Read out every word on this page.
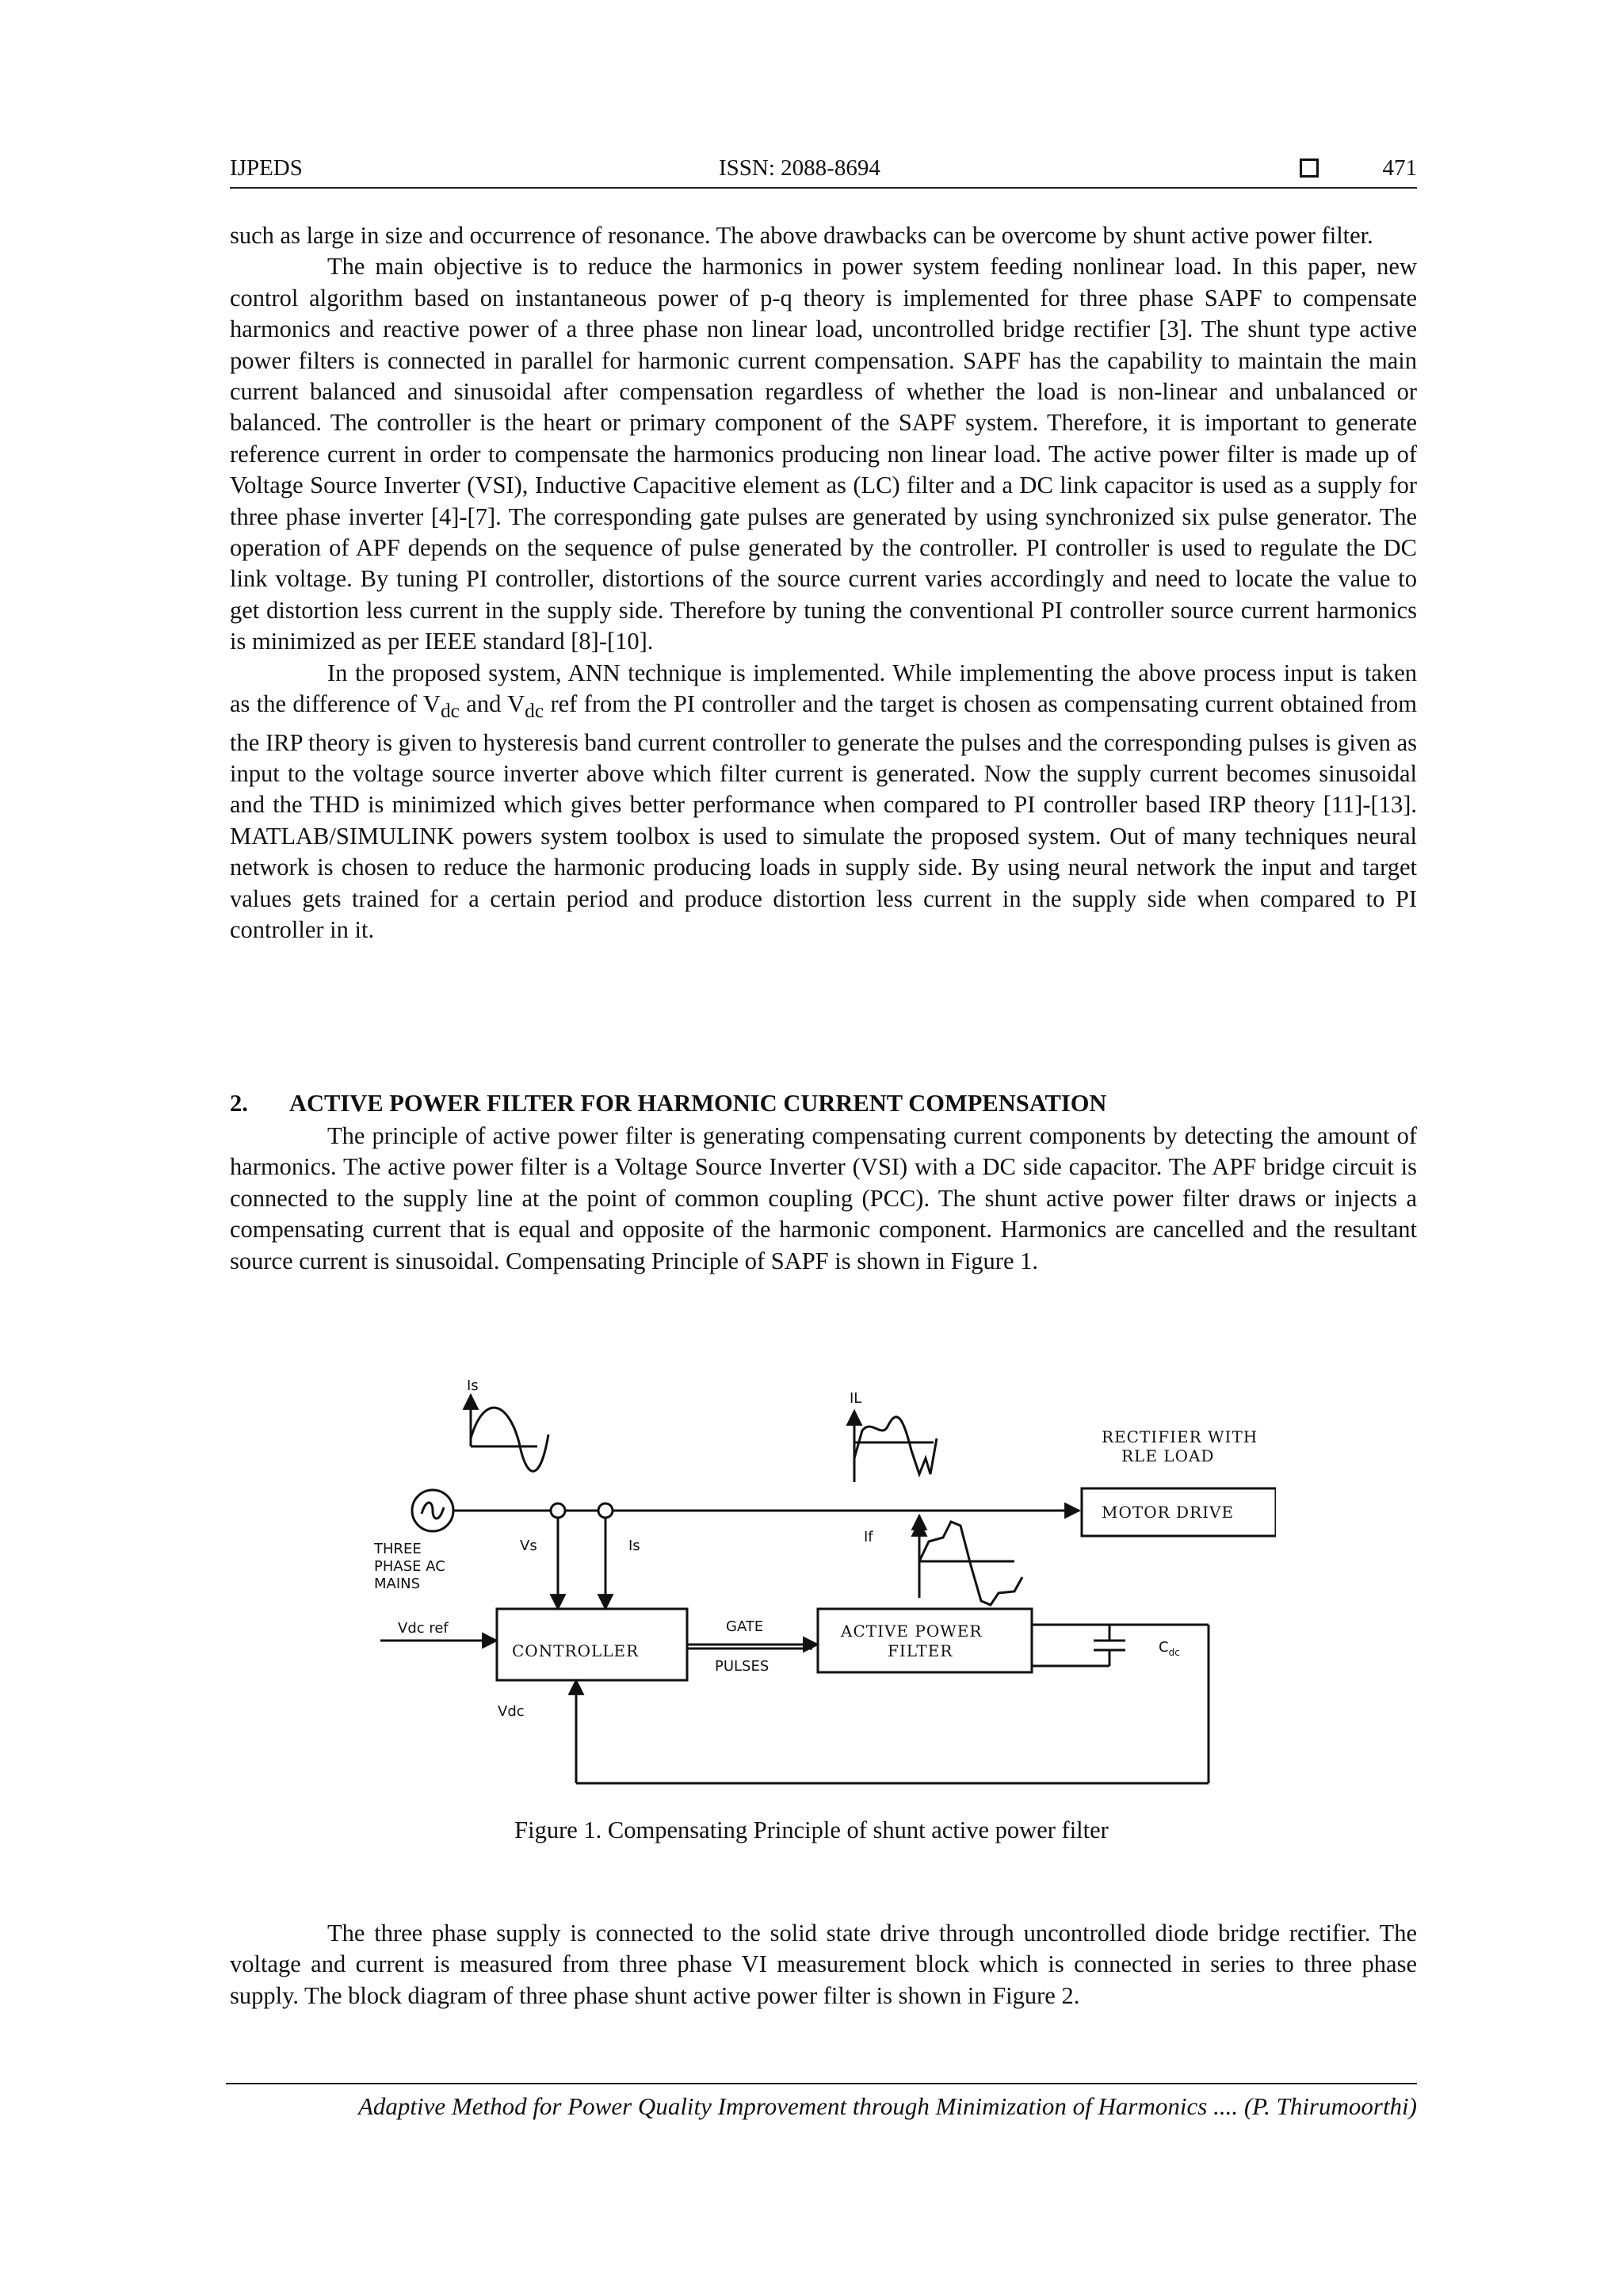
IJPEDS	ISSN: 2088-8694	471

such as large in size and occurrence of resonance. The above drawbacks can be overcome by shunt active power filter.

The main objective is to reduce the harmonics in power system feeding nonlinear load. In this paper, new control algorithm based on instantaneous power of p-q theory is implemented for three phase SAPF to compensate harmonics and reactive power of a three phase non linear load, uncontrolled bridge rectifier [3]. The shunt type active power filters is connected in parallel for harmonic current compensation. SAPF has the capability to maintain the main current balanced and sinusoidal after compensation regardless of whether the load is non-linear and unbalanced or balanced. The controller is the heart or primary component of the SAPF system. Therefore, it is important to generate reference current in order to compensate the harmonics producing non linear load. The active power filter is made up of Voltage Source Inverter (VSI), Inductive Capacitive element as (LC) filter and a DC link capacitor is used as a supply for three phase inverter [4]-[7]. The corresponding gate pulses are generated by using synchronized six pulse generator. The operation of APF depends on the sequence of pulse generated by the controller. PI controller is used to regulate the DC link voltage. By tuning PI controller, distortions of the source current varies accordingly and need to locate the value to get distortion less current in the supply side. Therefore by tuning the conventional PI controller source current harmonics is minimized as per IEEE standard [8]-[10].

In the proposed system, ANN technique is implemented. While implementing the above process input is taken as the difference of $V_{dc}$ and $V_{dc}$ ref from the PI controller and the target is chosen as compensating current obtained from the IRP theory is given to hysteresis band current controller to generate the pulses and the corresponding pulses is given as input to the voltage source inverter above which filter current is generated. Now the supply current becomes sinusoidal and the THD is minimized which gives better performance when compared to PI controller based IRP theory [11]-[13]. MATLAB/SIMULINK powers system toolbox is used to simulate the proposed system. Out of many techniques neural network is chosen to reduce the harmonic producing loads in supply side. By using neural network the input and target values gets trained for a certain period and produce distortion less current in the supply side when compared to PI controller in it.

2. ACTIVE POWER FILTER FOR HARMONIC CURRENT COMPENSATION

The principle of active power filter is generating compensating current components by detecting the amount of harmonics. The active power filter is a Voltage Source Inverter (VSI) with a DC side capacitor. The APF bridge circuit is connected to the supply line at the point of common coupling (PCC). The shunt active power filter draws or injects a compensating current that is equal and opposite of the harmonic component. Harmonics are cancelled and the resultant source current is sinusoidal. Compensating Principle of SAPF is shown in Figure 1.

Is
IL
RECTIFIER WITH
RLE LOAD
MOTOR DRIVE
THREE
PHASE AC
MAINS
Vs	Is
If
Vdc ref
CONTROLLER
GATE
PULSES
ACTIVE POWER
FILTER	$C_{dc}$
Vdc
Figure 1. Compensating Principle of shunt active power filter

The three phase supply is connected to the solid state drive through uncontrolled diode bridge rectifier. The voltage and current is measured from three phase VI measurement block which is connected in series to three phase supply. The block diagram of three phase shunt active power filter is shown in Figure 2.

Adaptive Method for Power Quality Improvement through Minimization of Harmonics .... (P. Thirumoorthi)
